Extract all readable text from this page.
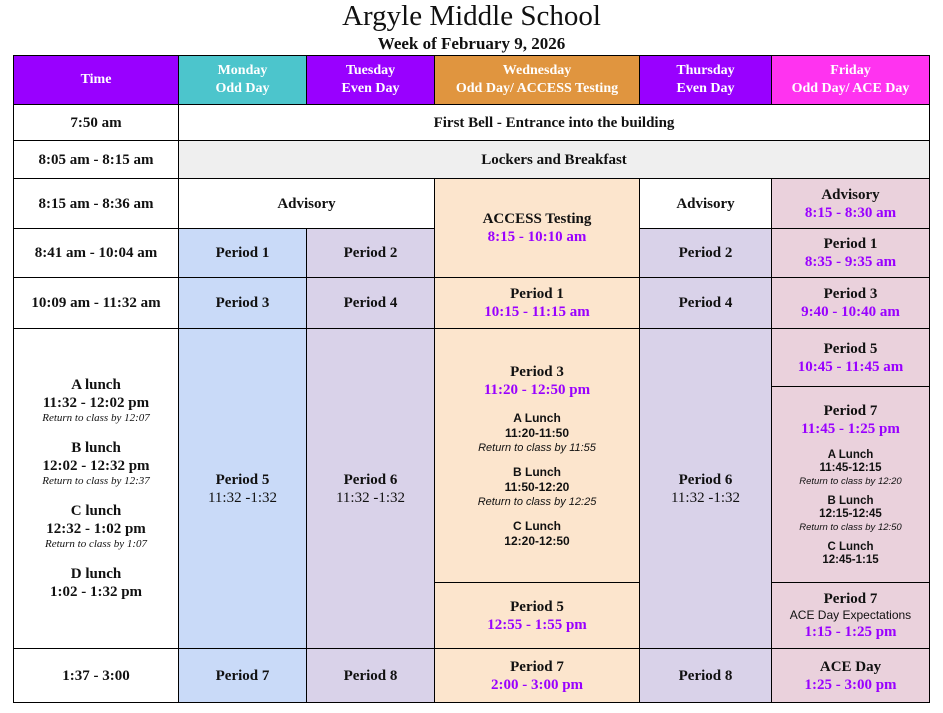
Argyle Middle School
Week of February 9, 2026
Time
Monday
Odd Day
Tuesday
Even Day
Wednesday
Odd Day/ ACCESS Testing
Thursday
Even Day
Friday
Odd Day/ ACE Day
7:50 am
8:05 am - 8:15 am
8:15 am - 8:36 am
8:41 am - 10:04 am
10:09 am - 11:32 am
A lunch
11:32 - 12:02 pm
Return to class by 12:07
B lunch
12:02 - 12:32 pm
Return to class by 12:37
C lunch
12:32 - 1:02 pm
Return to class by 1:07
D lunch
1:02 - 1:32 pm
1:37 - 3:00
First Bell - Entrance into the building
Lockers and Breakfast
Advisory
Period 1
Period 3
Period 5
11:32 -1:32
Period 7
Period 2
Period 4
Period 6
11:32 -1:32
Period 8
ACCESS Testing
8:15 - 10:10 am
Period 1
10:15 - 11:15 am
Period 3
11:20 - 12:50 pm
A Lunch
11:20-11:50
Return to class by 11:55
B Lunch
11:50-12:20
Return to class by 12:25
C Lunch
12:20-12:50
Period 5
12:55 - 1:55 pm
Period 7
2:00 - 3:00 pm
Advisory
Period 2
Period 4
Period 6
11:32 -1:32
Period 8
Advisory
8:15 - 8:30 am
Period 1
8:35 - 9:35 am
Period 3
9:40 - 10:40 am
Period 5
10:45 - 11:45 am
Period 7
11:45 - 1:25 pm
A Lunch
11:45-12:15
Return to class by 12:20
B Lunch
12:15-12:45
Return to class by 12:50
C Lunch
12:45-1:15
Period 7
ACE Day Expectations
1:15 - 1:25 pm
ACE Day
1:25 - 3:00 pm
